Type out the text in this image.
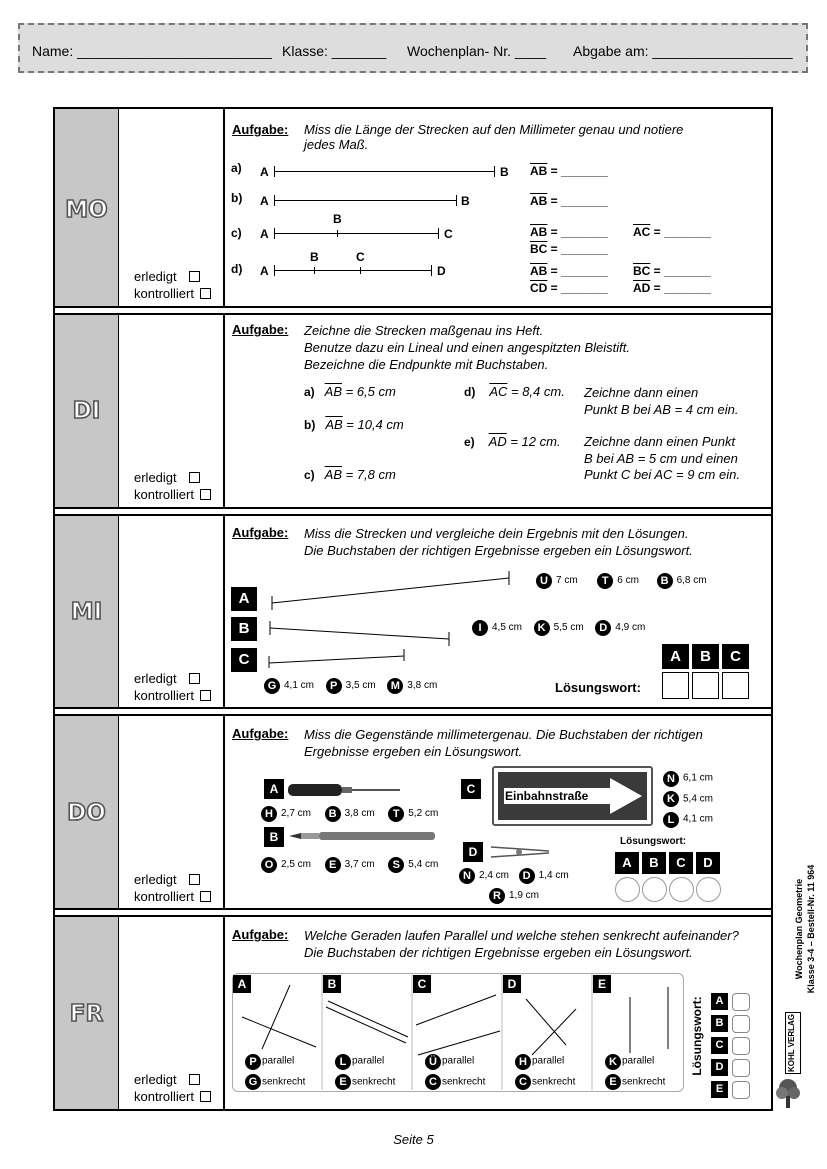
Name: _________________________ Klasse: _______ Wochenplan- Nr. ____ Abgabe am: __________________
MO
DI
MI
DO
FR
erledigt
kontrolliert
erledigt
kontrolliert
erledigt
kontrolliert
erledigt
kontrolliert
erledigt
kontrolliert
Aufgabe: Miss die Länge der Strecken auf den Millimeter genau und notiere
jedes Maß.
a) A	B $\overline{AB}$ = _______
b) A	B	$\overline{AB}$ = _______
c)
B
A	C	$\overline{AB}$ = _______ $\overline{AC}$ = _______
$\overline{BC}$ = _______
d)
B	C
A	D	$\overline{AB}$ = _______ $\overline{BC}$ = _______
$\overline{CD}$ = _______ $\overline{AD}$ = _______
Aufgabe: Zeichne die Strecken maßgenau ins Heft.
Benutze dazu ein Lineal und einen angespitzten Bleistift.
Bezeichne die Endpunkte mit Buchstaben.
a) $\overline{AB} = 6,5$ cm
b) $\overline{AB} = 10,4$ cm
c) $\overline{AB} = 7,8$ cm
d) $\overline{AC} = 8,4$ cm. Zeichne dann einen
Punkt B bei AB = 4 cm ein.
e) $\overline{AD} = 12$ cm. Zeichne dann einen Punkt
B bei AB = 5 cm und einen
Punkt C bei AC = 9 cm ein.
Aufgabe: Miss die Strecken und vergleiche dein Ergebnis mit den Lösungen.
Die Buchstaben der richtigen Ergebnisse ergeben ein Lösungswort.
A
B
C
U 7 cm T 6 cm B 6,8 cm
I 4,5 cm K 5,5 cm D 4,9 cm
G 4,1 cm P 3,5 cm M 3,8 cm	Lösungswort:
A	B	C
Aufgabe: Miss die Gegenstände millimetergenau. Die Buchstaben der richtigen
Ergebnisse ergeben ein Lösungswort.
A
H 2,7 cm B 3,8 cm T 5,2 cm
B
O 2,5 cm E 3,7 cm S 5,4 cm
C	Einbahnstraße
N 6,1 cm
K 5,4 cm
L 4,1 cm
D
N 2,4 cm D 1,4 cm
R 1,9 cm
Lösungswort:
A	B	C	D
Aufgabe: Welche Geraden laufen Parallel und welche stehen senkrecht aufeinander?
Die Buchstaben der richtigen Ergebnisse ergeben ein Lösungswort.
A	B	C	D	E
P parallel
G senkrecht
L parallel
E senkrecht
Ü parallel
C senkrecht
H parallel
C senkrecht
K parallel
E senkrecht
Lösungswort:	A
B
C
D
E
Wochenplan Geometrie Klasse 3-4 – Bestell-Nr. 11 964
KOHL VERLAG
Seite 5
